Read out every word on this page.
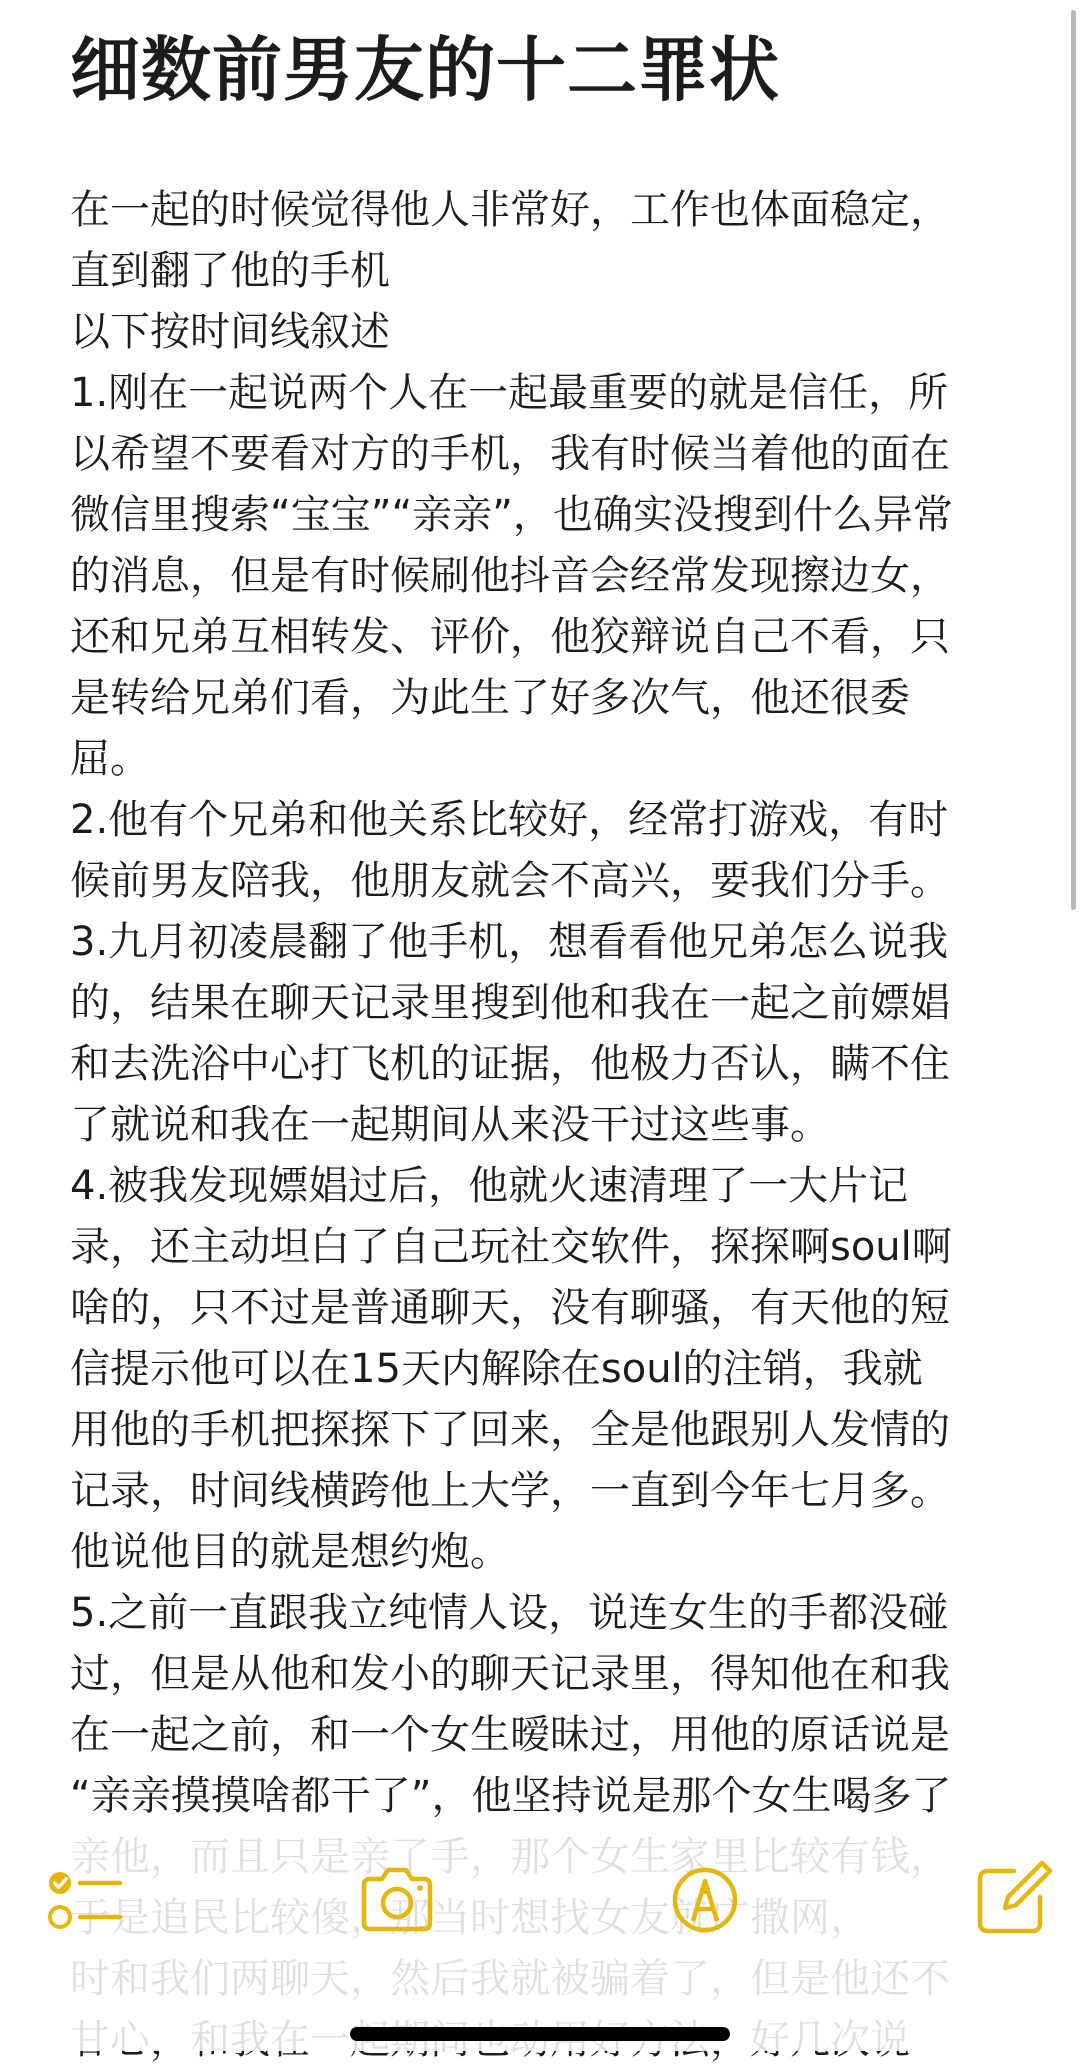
细数前男友的十二罪状
在一起的时候觉得他人非常好，工作也体面稳定，
直到翻了他的手机
以下按时间线叙述
1.刚在一起说两个人在一起最重要的就是信任，所
以希望不要看对方的手机，我有时候当着他的面在
微信里搜索“宝宝”“亲亲”，也确实没搜到什么异常
的消息，但是有时候刷他抖音会经常发现擦边女，
还和兄弟互相转发、评价，他狡辩说自己不看，只
是转给兄弟们看，为此生了好多次气，他还很委
屈。
2.他有个兄弟和他关系比较好，经常打游戏，有时
候前男友陪我，他朋友就会不高兴，要我们分手。
3.九月初凌晨翻了他手机，想看看他兄弟怎么说我
的，结果在聊天记录里搜到他和我在一起之前嫖娼
和去洗浴中心打飞机的证据，他极力否认，瞒不住
了就说和我在一起期间从来没干过这些事。
4.被我发现嫖娼过后，他就火速清理了一大片记
录，还主动坦白了自己玩社交软件，探探啊soul啊
啥的，只不过是普通聊天，没有聊骚，有天他的短
信提示他可以在15天内解除在soul的注销，我就
用他的手机把探探下了回来，全是他跟别人发情的
记录，时间线横跨他上大学，一直到今年七月多。
他说他目的就是想约炮。
5.之前一直跟我立纯情人设，说连女生的手都没碰
过，但是从他和发小的聊天记录里，得知他在和我
在一起之前，和一个女生暧昧过，用他的原话说是
“亲亲摸摸啥都干了”，他坚持说是那个女生喝多了
